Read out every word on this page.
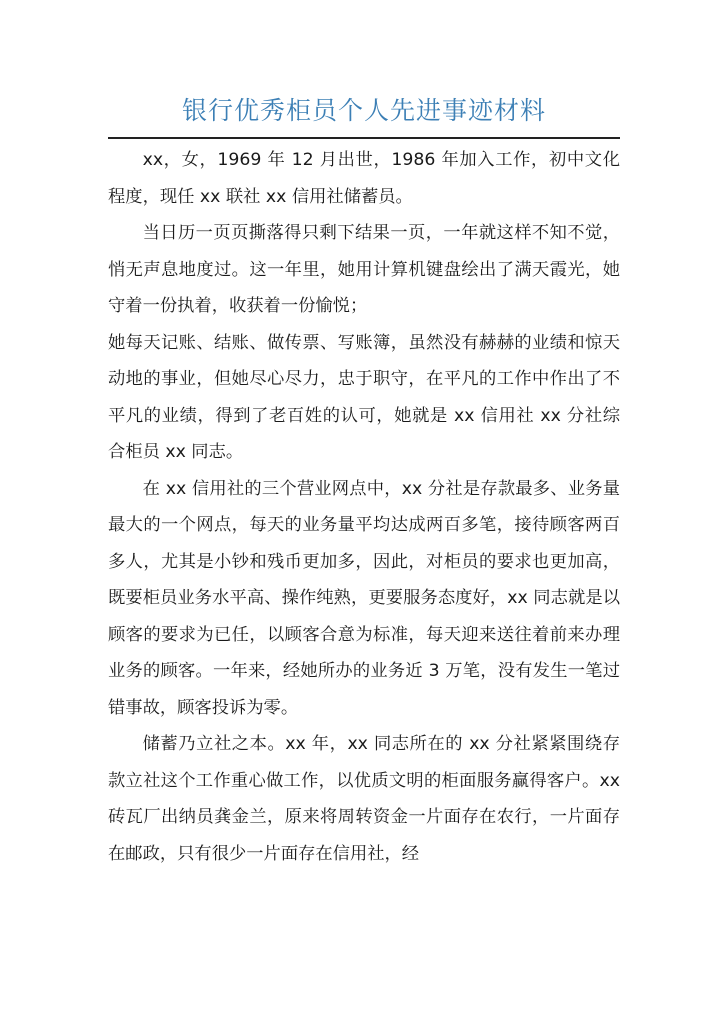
银行优秀柜员个人先进事迹材料

xx，女，1969 年 12 月出世，1986 年加入工作，初中文化程度，现任 xx 联社 xx 信用社储蓄员。

当日历一页页撕落得只剩下结果一页，一年就这样不知不觉，悄无声息地度过。这一年里，她用计算机键盘绘出了满天霞光，她守着一份执着，收获着一份愉悦；

她每天记账、结账、做传票、写账簿，虽然没有赫赫的业绩和惊天动地的事业，但她尽心尽力，忠于职守，在平凡的工作中作出了不平凡的业绩，得到了老百姓的认可，她就是 xx 信用社 xx 分社综合柜员 xx 同志。

在 xx 信用社的三个营业网点中，xx 分社是存款最多、业务量最大的一个网点，每天的业务量平均达成两百多笔，接待顾客两百多人，尤其是小钞和残币更加多，因此，对柜员的要求也更加高，既要柜员业务水平高、操作纯熟，更要服务态度好，xx 同志就是以顾客的要求为已任，以顾客合意为标准，每天迎来送往着前来办理业务的顾客。一年来，经她所办的业务近 3 万笔，没有发生一笔过错事故，顾客投诉为零。

储蓄乃立社之本。xx 年，xx 同志所在的 xx 分社紧紧围绕存款立社这个工作重心做工作，以优质文明的柜面服务赢得客户。xx 砖瓦厂出纳员龚金兰，原来将周转资金一片面存在农行，一片面存在邮政，只有很少一片面存在信用社，经
